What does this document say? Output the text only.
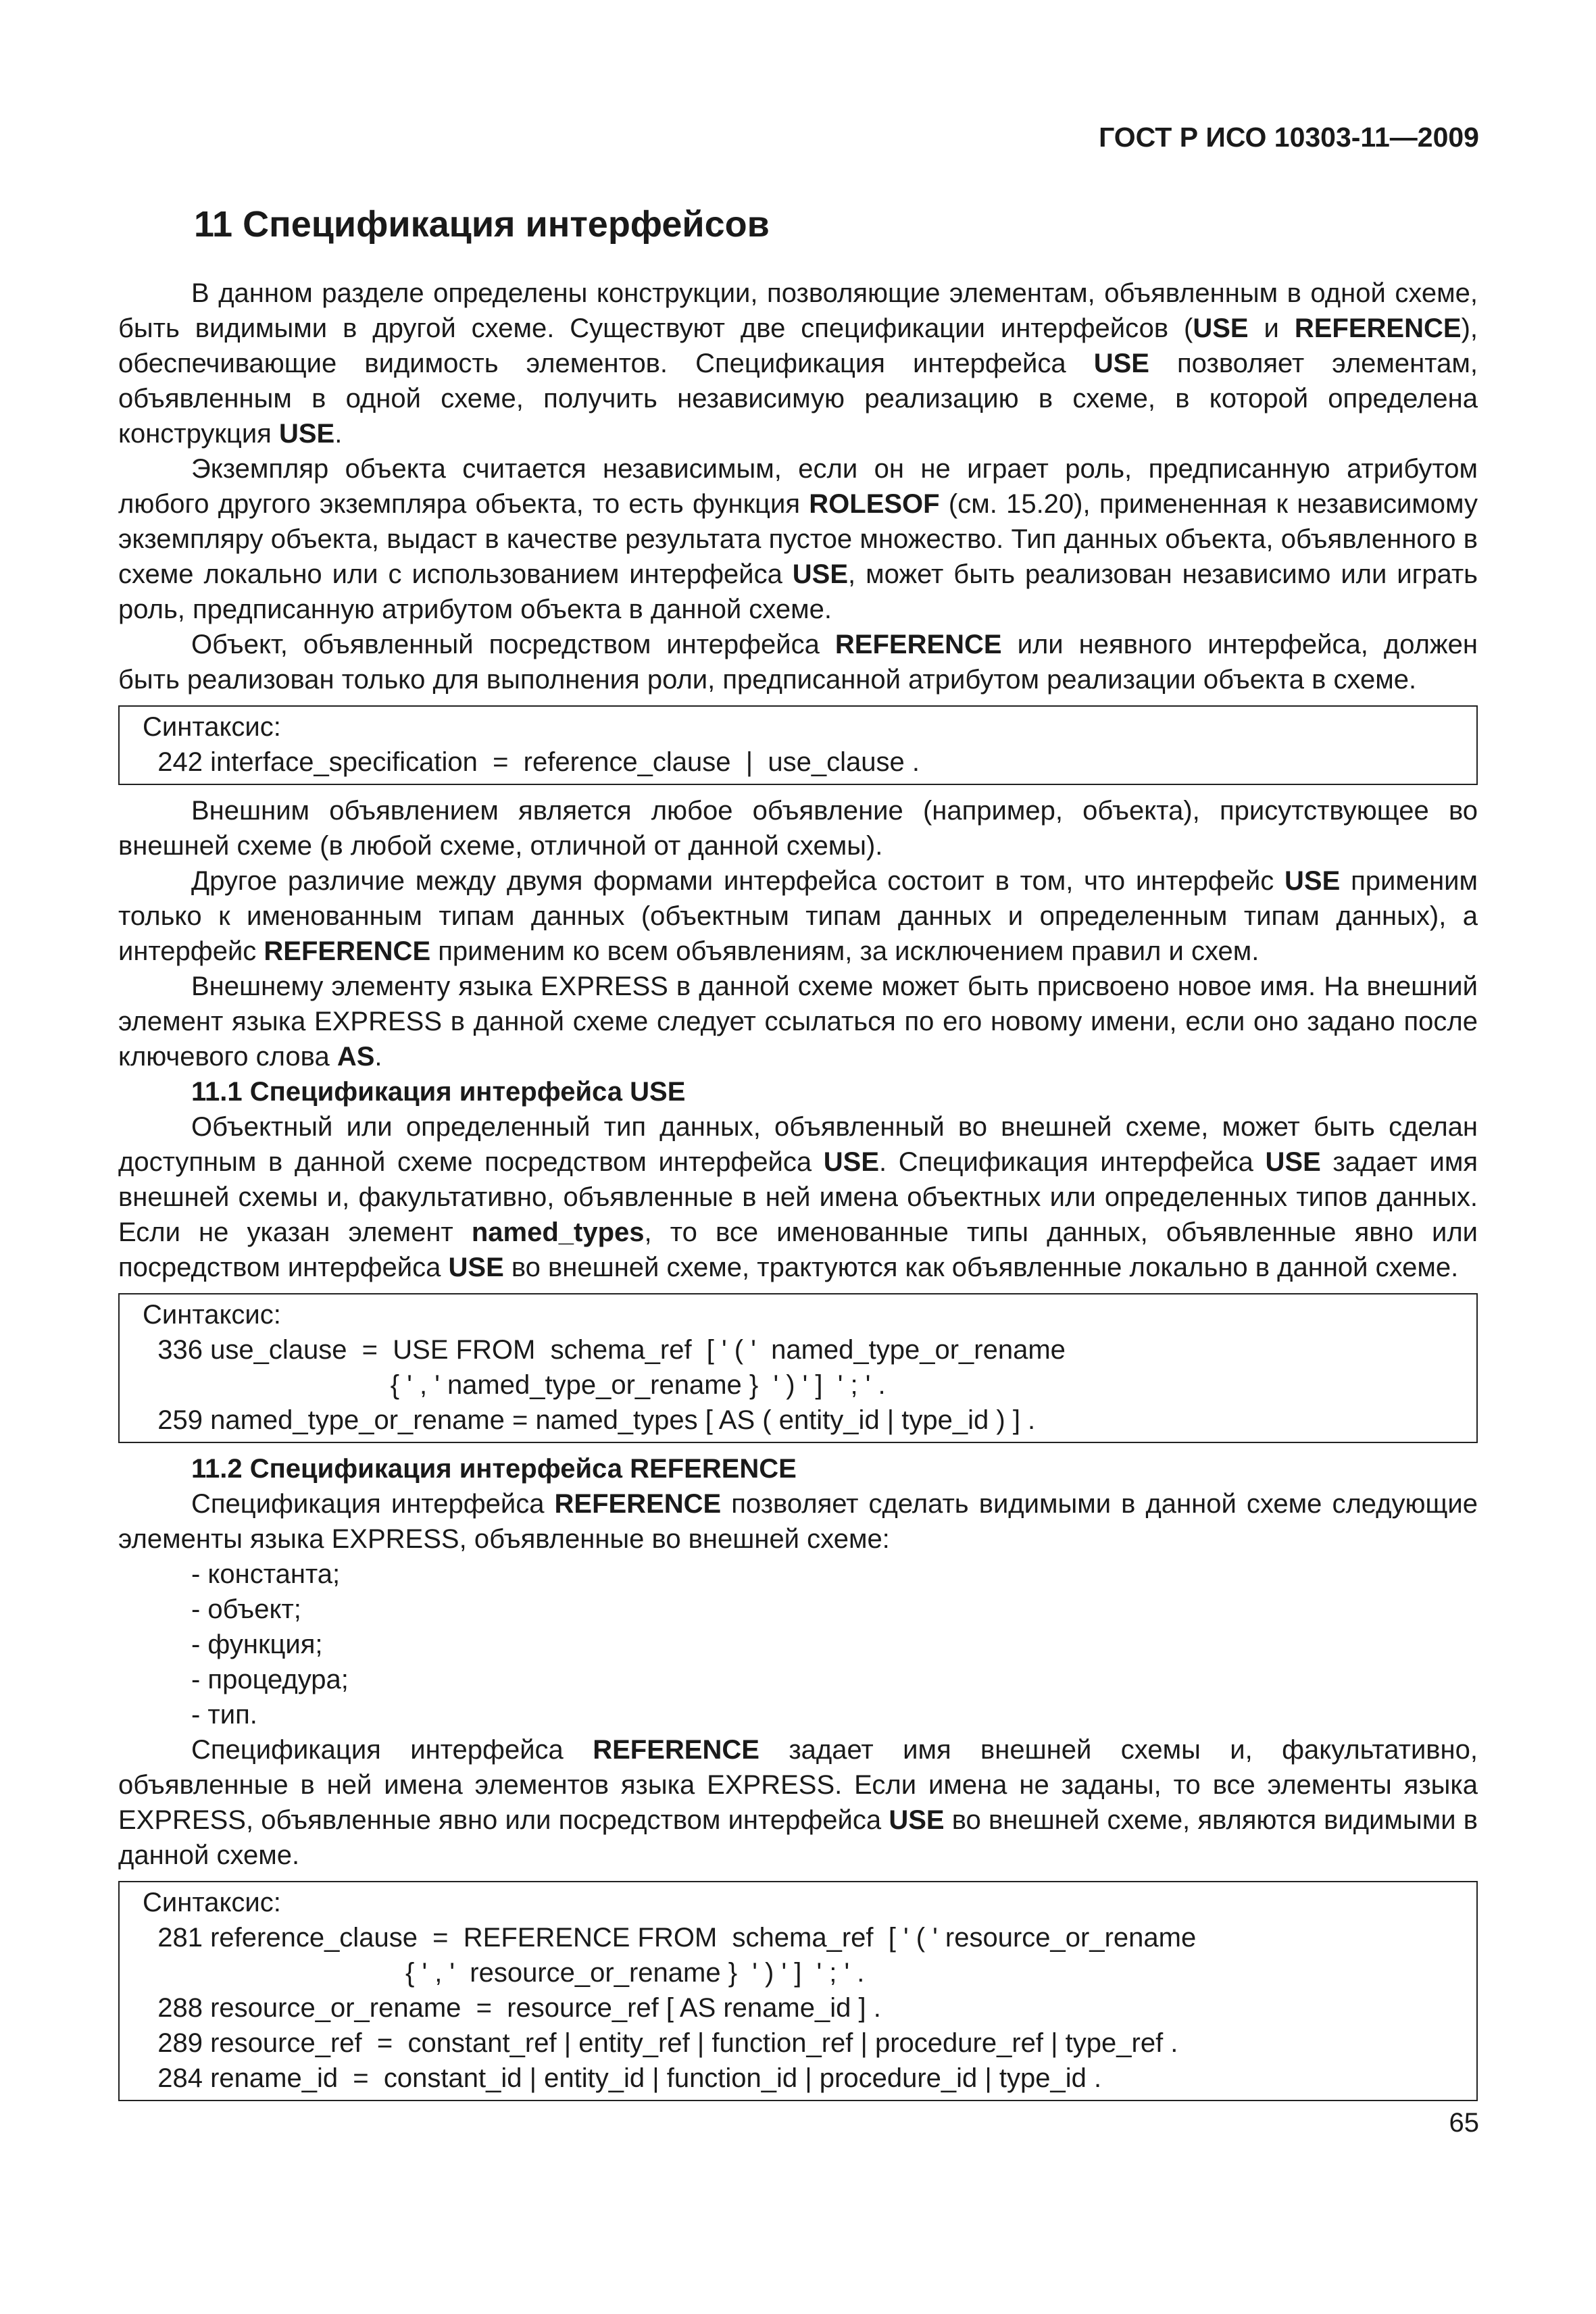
ГОСТ Р ИСО 10303-11—2009
11 Спецификация интерфейсов

В данном разделе определены конструкции, позволяющие элементам, объявленным в одной схеме, быть видимыми в другой схеме. Существуют две спецификации интерфейсов (USE и REFERENCE), обеспечивающие видимость элементов. Спецификация интерфейса USE позволяет элементам, объявленным в одной схеме, получить независимую реализацию в схеме, в которой определена конструкция USE.

Экземпляр объекта считается независимым, если он не играет роль, предписанную атрибутом любого другого экземпляра объекта, то есть функция ROLESOF (см. 15.20), примененная к независимому экземпляру объекта, выдаст в качестве результата пустое множество. Тип данных объекта, объявленного в схеме локально или с использованием интерфейса USE, может быть реализован независимо или играть роль, предписанную атрибутом объекта в данной схеме.

Объект, объявленный посредством интерфейса REFERENCE или неявного интерфейса, должен быть реализован только для выполнения роли, предписанной атрибутом реализации объекта в схеме.

Синтаксис:
242 interface_specification  =  reference_clause  |  use_clause .

Внешним объявлением является любое объявление (например, объекта), присутствующее во внешней схеме (в любой схеме, отличной от данной схемы).

Другое различие между двумя формами интерфейса состоит в том, что интерфейс USE применим только к именованным типам данных (объектным типам данных и определенным типам данных), а интерфейс REFERENCE применим ко всем объявлениям, за исключением правил и схем.

Внешнему элементу языка EXPRESS в данной схеме может быть присвоено новое имя. На внешний элемент языка EXPRESS в данной схеме следует ссылаться по его новому имени, если оно задано после ключевого слова AS.

11.1 Спецификация интерфейса USE

Объектный или определенный тип данных, объявленный во внешней схеме, может быть сделан доступным в данной схеме посредством интерфейса USE. Спецификация интерфейса USE задает имя внешней схемы и, факультативно, объявленные в ней имена объектных или определенных типов данных. Если не указан элемент named_types, то все именованные типы данных, объявленные явно или посредством интерфейса USE во внешней схеме, трактуются как объявленные локально в данной схеме.

Синтаксис:
336 use_clause  =  USE FROM  schema_ref  [ ' ( '  named_type_or_rename
{ ' , ' named_type_or_rename }  ' ) ' ]  ' ; ' .
259 named_type_or_rename = named_types [ AS ( entity_id | type_id ) ] .

11.2 Спецификация интерфейса REFERENCE

Спецификация интерфейса REFERENCE позволяет сделать видимыми в данной схеме следующие элементы языка EXPRESS, объявленные во внешней схеме:

- константа;
- объект;
- функция;
- процедура;
- тип.

Спецификация интерфейса REFERENCE задает имя внешней схемы и, факультативно, объявленные в ней имена элементов языка EXPRESS. Если имена не заданы, то все элементы языка EXPRESS, объявленные явно или посредством интерфейса USE во внешней схеме, являются видимыми в данной схеме.

Синтаксис:
281 reference_clause  =  REFERENCE FROM  schema_ref  [ ' ( ' resource_or_rename
{ ' , '  resource_or_rename }  ' ) ' ]  ' ; ' .
288 resource_or_rename  =  resource_ref [ AS rename_id ] .
289 resource_ref  =  constant_ref | entity_ref | function_ref | procedure_ref | type_ref .
284 rename_id  =  constant_id | entity_id | function_id | procedure_id | type_id .
65
